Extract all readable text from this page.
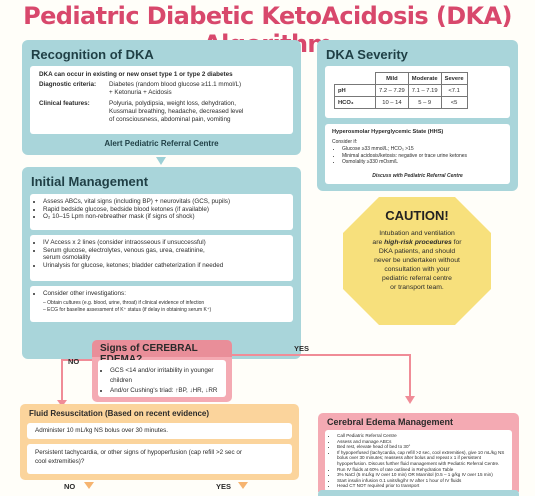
Pediatric Diabetic KetoAcidosis (DKA)
Recognition of DKA
DKA can occur in existing or new onset type 1 or type 2 diabetes
Diagnostic criteria: Diabetes (random blood glucose ≥11.1 mmol/L)
+ Ketonuria + Acidosis
Clinical features:	Polyuria, polydipsia, weight loss, dehydration,
Kussmaul breathing, headache, decreased level
of consciousness, abdominal pain, vomiting
Alert Pediatric Referral Centre
DKA Severity
	Mild	Moderate	Severe
pH	7.2 – 7.29	7.1 – 7.19	<7.1
HCO₃	10 – 14	5 – 9	<5
Hyperosmolar Hyperglycemic State (HHS)
Consider if:
• Glucose ≥33 mmol/L; HCO₃ >15
• Minimal acidosis/ketosis: negative or trace urine ketones
• Osmolality ≥330 mOsm/L
Discuss with Pediatric Referral Centre
Initial Management
• Assess ABCs, vital signs (including BP) + neurovitals (GCS, pupils)
• Rapid bedside glucose, bedside blood ketones (if available)
• O₂ 10–15 Lpm non-rebreather mask (if signs of shock)
• IV Access x 2 lines (consider intraosseous if unsuccessful)
• Serum glucose, electrolytes, venous gas, urea, creatinine,
serum osmolality
• Urinalysis for glucose, ketones; bladder catheterization if needed
• Consider other investigations:
– Obtain cultures (e.g. blood, urine, throat) if clinical evidence of infection
– ECG for baseline assessment of K⁺ status (if delay in obtaining serum K⁺)
CAUTION!
Intubation and ventilation
are high-risk procedures for
DKA patients, and should
never be undertaken without
consultation with your
pediatric referral centre
or transport team.
NO
YES
Signs of CEREBRAL
• GCS <14 and/or irritability in younger children
• And/or Cushing's triad: ↑BP, ↓HR, ↓RR
Cerebral Edema Management
• Call Pediatric Referral Centre
• Assess and manage ABCs
• Bed rest, elevate head of bed to 30°
• If hypoperfused (tachycardia, cap refill >2 sec, cool extremities), give 10 mL/kg NS bolus over 30 minutes; reassess after bolus and repeat x 1 if persistent hypoperfusion. Discuss further fluid management with Pediatric Referral Centre.
• Run IV fluids at 60% of rate outlined in Rehydration Table
• 3% NaCl (5 mL/kg IV over 10 min) OR Mannitol (0.5 – 1 g/kg IV over 15 min)
• Start insulin infusion 0.1 units/kg/hr IV after 1 hour of IV fluids
• Head CT NOT required prior to transport
Fluid Resuscitation (Based on recent evidence)
Administer 10 mL/kg NS bolus over 30 minutes.
Persistent tachycardia, or other signs of hypoperfusion (cap refill >2 sec or
cool extremities)?
NO	YES
